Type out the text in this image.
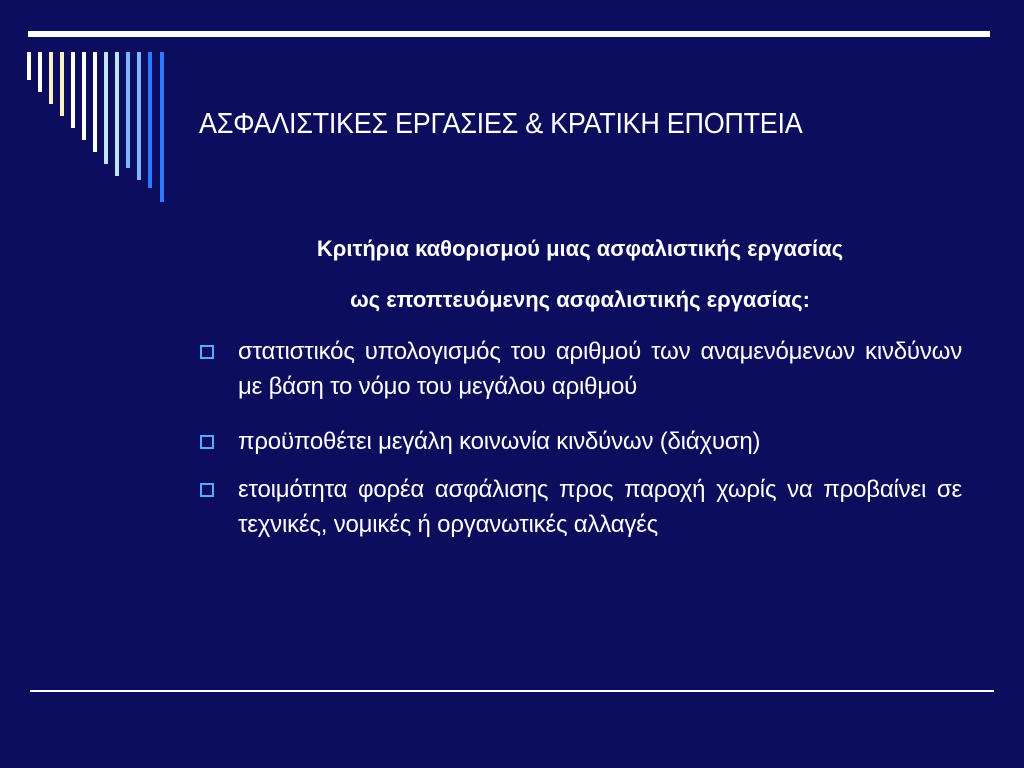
ΑΣΦΑΛΙΣΤΙΚΕΣ ΕΡΓΑΣΙΕΣ & ΚΡΑΤΙΚΗ ΕΠΟΠΤΕΙΑ
Κριτήρια καθορισμού μιας ασφαλιστικής εργασίας
ως εποπτευόμενης ασφαλιστικής εργασίας:
στατιστικός υπολογισμός του αριθμού των αναμενόμενων κινδύνων με βάση το νόμο του μεγάλου αριθμού
προϋποθέτει μεγάλη κοινωνία κινδύνων (διάχυση)
ετοιμότητα φορέα ασφάλισης προς παροχή χωρίς να προβαίνει σε τεχνικές, νομικές ή οργανωτικές αλλαγές
